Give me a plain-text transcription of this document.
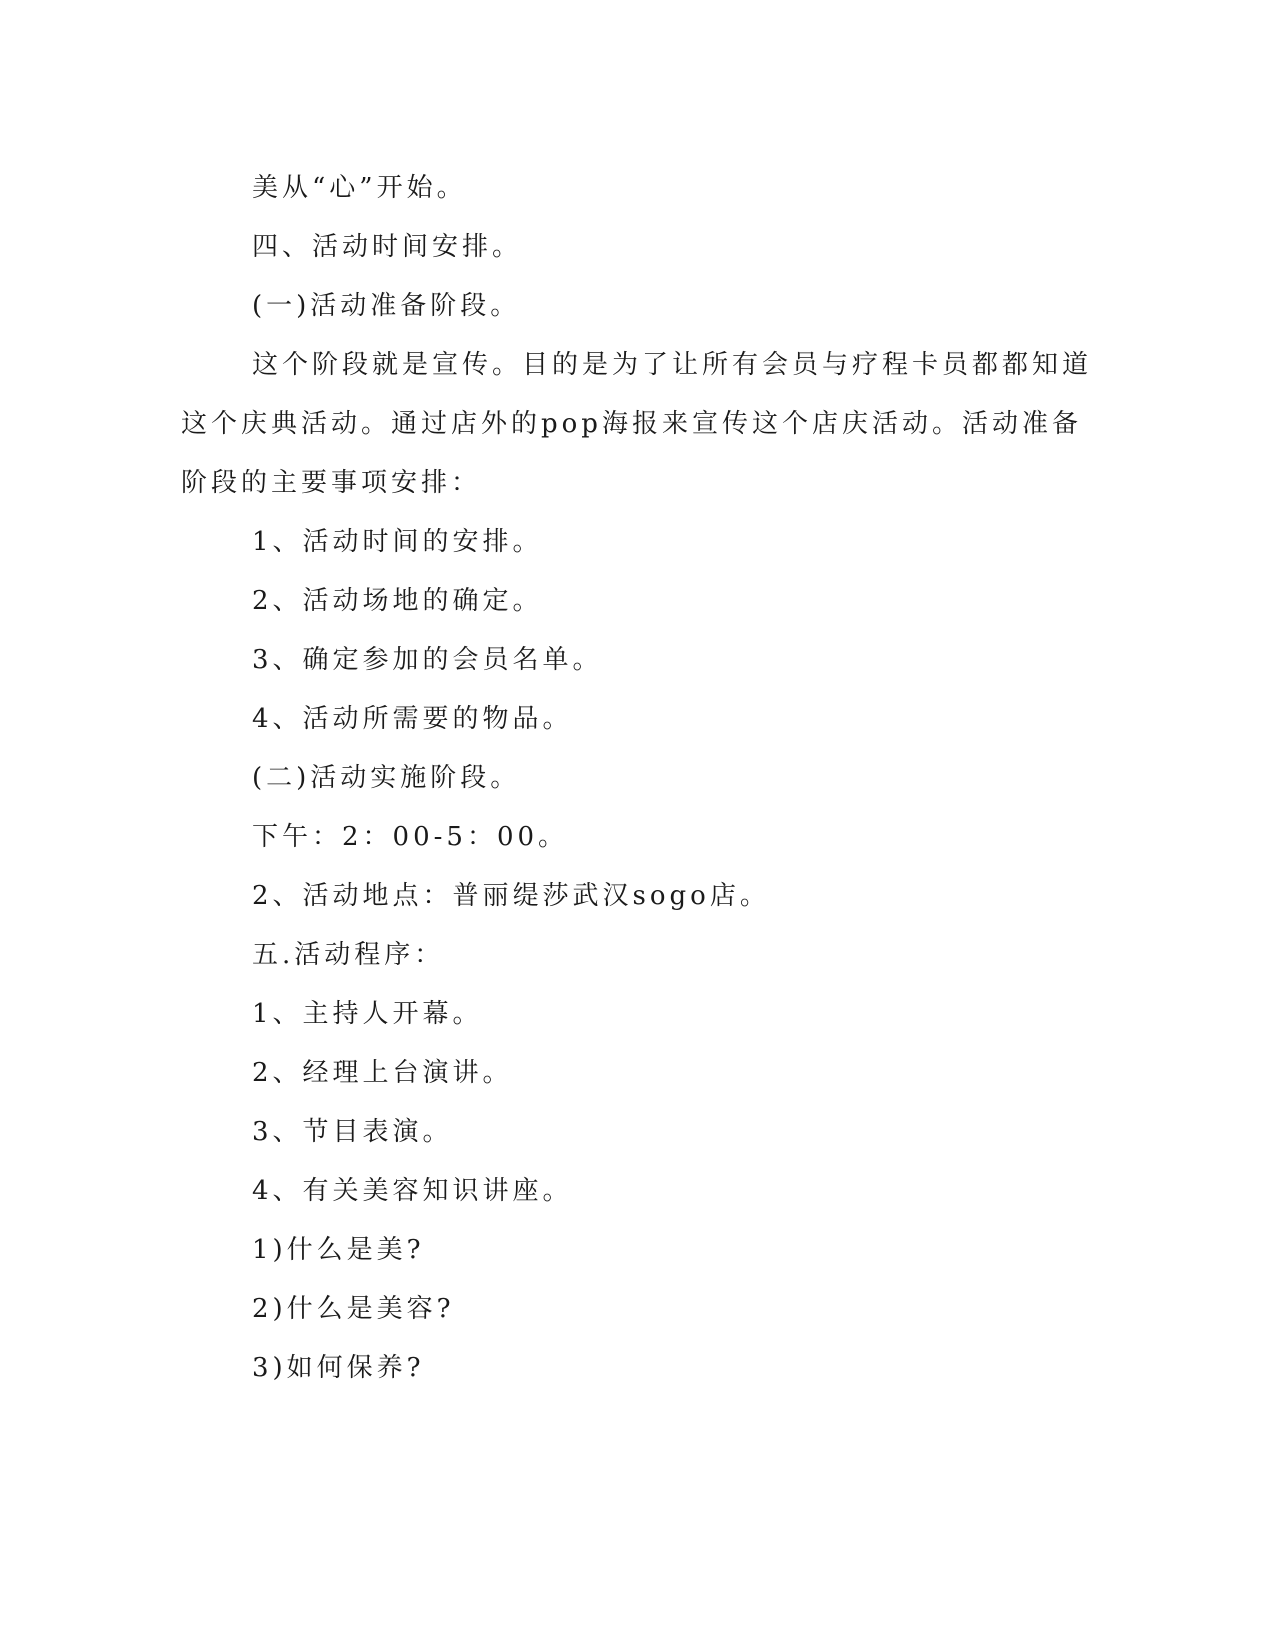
美从“心”开始。
四、活动时间安排。
(一)活动准备阶段。
这个阶段就是宣传。目的是为了让所有会员与疗程卡员都都知道
这个庆典活动。通过店外的pop海报来宣传这个店庆活动。活动准备
阶段的主要事项安排：
1、活动时间的安排。
2、活动场地的确定。
3、确定参加的会员名单。
4、活动所需要的物品。
(二)活动实施阶段。
下午：2：00-5：00。
2、活动地点：普丽缇莎武汉sogo店。
五.活动程序：
1、主持人开幕。
2、经理上台演讲。
3、节目表演。
4、有关美容知识讲座。
1)什么是美?
2)什么是美容?
3)如何保养?
